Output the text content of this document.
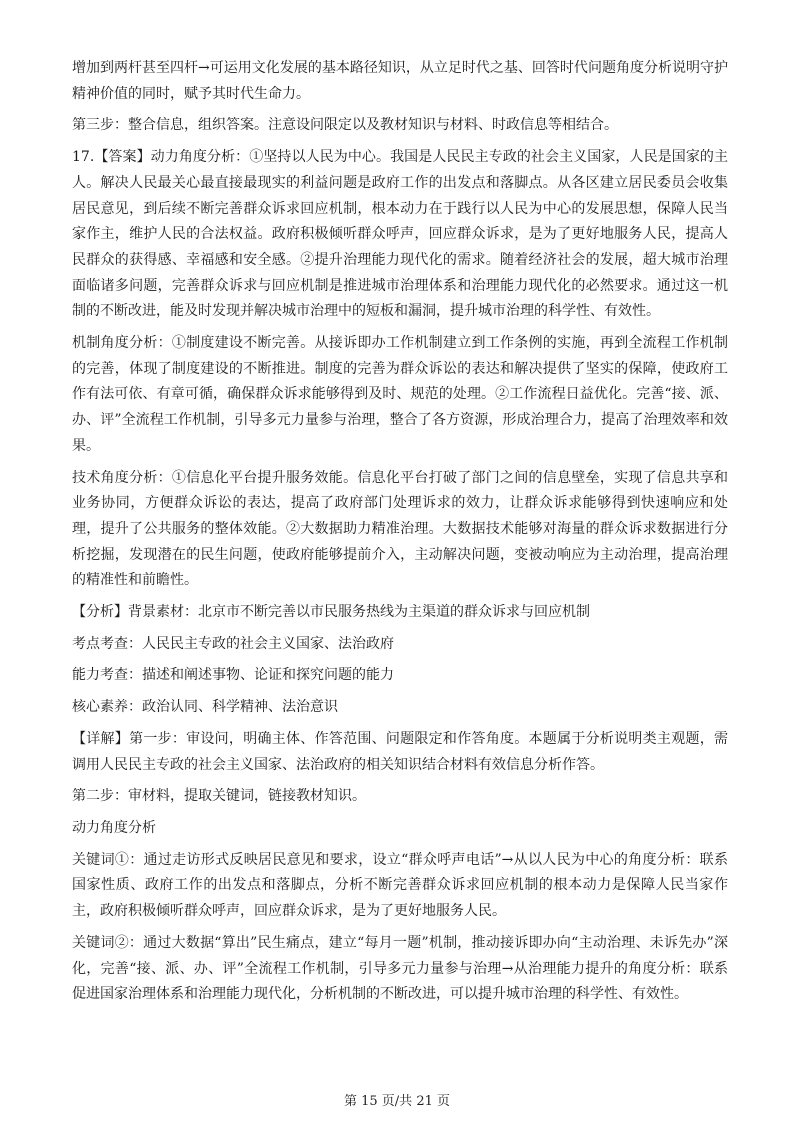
增加到两杆甚至四杆→可运用文化发展的基本路径知识，从立足时代之基、回答时代问题角度分析说明守护精神价值的同时，赋予其时代生命力。

第三步：整合信息，组织答案。注意设问限定以及教材知识与材料、时政信息等相结合。

17.【答案】动力角度分析：①坚持以人民为中心。我国是人民民主专政的社会主义国家，人民是国家的主人。解决人民最关心最直接最现实的利益问题是政府工作的出发点和落脚点。从各区建立居民委员会收集居民意见，到后续不断完善群众诉求回应机制，根本动力在于践行以人民为中心的发展思想，保障人民当家作主，维护人民的合法权益。政府积极倾听群众呼声，回应群众诉求，是为了更好地服务人民，提高人民群众的获得感、幸福感和安全感。②提升治理能力现代化的需求。随着经济社会的发展，超大城市治理面临诸多问题，完善群众诉求与回应机制是推进城市治理体系和治理能力现代化的必然要求。通过这一机制的不断改进，能及时发现并解决城市治理中的短板和漏洞，提升城市治理的科学性、有效性。

机制角度分析：①制度建设不断完善。从接诉即办工作机制建立到工作条例的实施，再到全流程工作机制的完善，体现了制度建设的不断推进。制度的完善为群众诉讼的表达和解决提供了坚实的保障，使政府工作有法可依、有章可循，确保群众诉求能够得到及时、规范的处理。②工作流程日益优化。完善“接、派、办、评”全流程工作机制，引导多元力量参与治理，整合了各方资源，形成治理合力，提高了治理效率和效果。

技术角度分析：①信息化平台提升服务效能。信息化平台打破了部门之间的信息壁垒，实现了信息共享和业务协同，方便群众诉讼的表达，提高了政府部门处理诉求的效力，让群众诉求能够得到快速响应和处理，提升了公共服务的整体效能。②大数据助力精准治理。大数据技术能够对海量的群众诉求数据进行分析挖掘，发现潜在的民生问题，使政府能够提前介入，主动解决问题，变被动响应为主动治理，提高治理的精准性和前瞻性。

【分析】背景素材：北京市不断完善以市民服务热线为主渠道的群众诉求与回应机制

考点考查：人民民主专政的社会主义国家、法治政府

能力考查：描述和阐述事物、论证和探究问题的能力

核心素养：政治认同、科学精神、法治意识

【详解】第一步：审设问，明确主体、作答范围、问题限定和作答角度。本题属于分析说明类主观题，需调用人民民主专政的社会主义国家、法治政府的相关知识结合材料有效信息分析作答。

第二步：审材料，提取关键词，链接教材知识。

动力角度分析

关键词①：通过走访形式反映居民意见和要求，设立“群众呼声电话”→从以人民为中心的角度分析：联系国家性质、政府工作的出发点和落脚点，分析不断完善群众诉求回应机制的根本动力是保障人民当家作主，政府积极倾听群众呼声，回应群众诉求，是为了更好地服务人民。

关键词②：通过大数据“算出”民生痛点，建立“每月一题”机制，推动接诉即办向“主动治理、未诉先办”深化，完善“接、派、办、评”全流程工作机制，引导多元力量参与治理→从治理能力提升的角度分析：联系促进国家治理体系和治理能力现代化，分析机制的不断改进，可以提升城市治理的科学性、有效性。

第 15 页/共 21 页
